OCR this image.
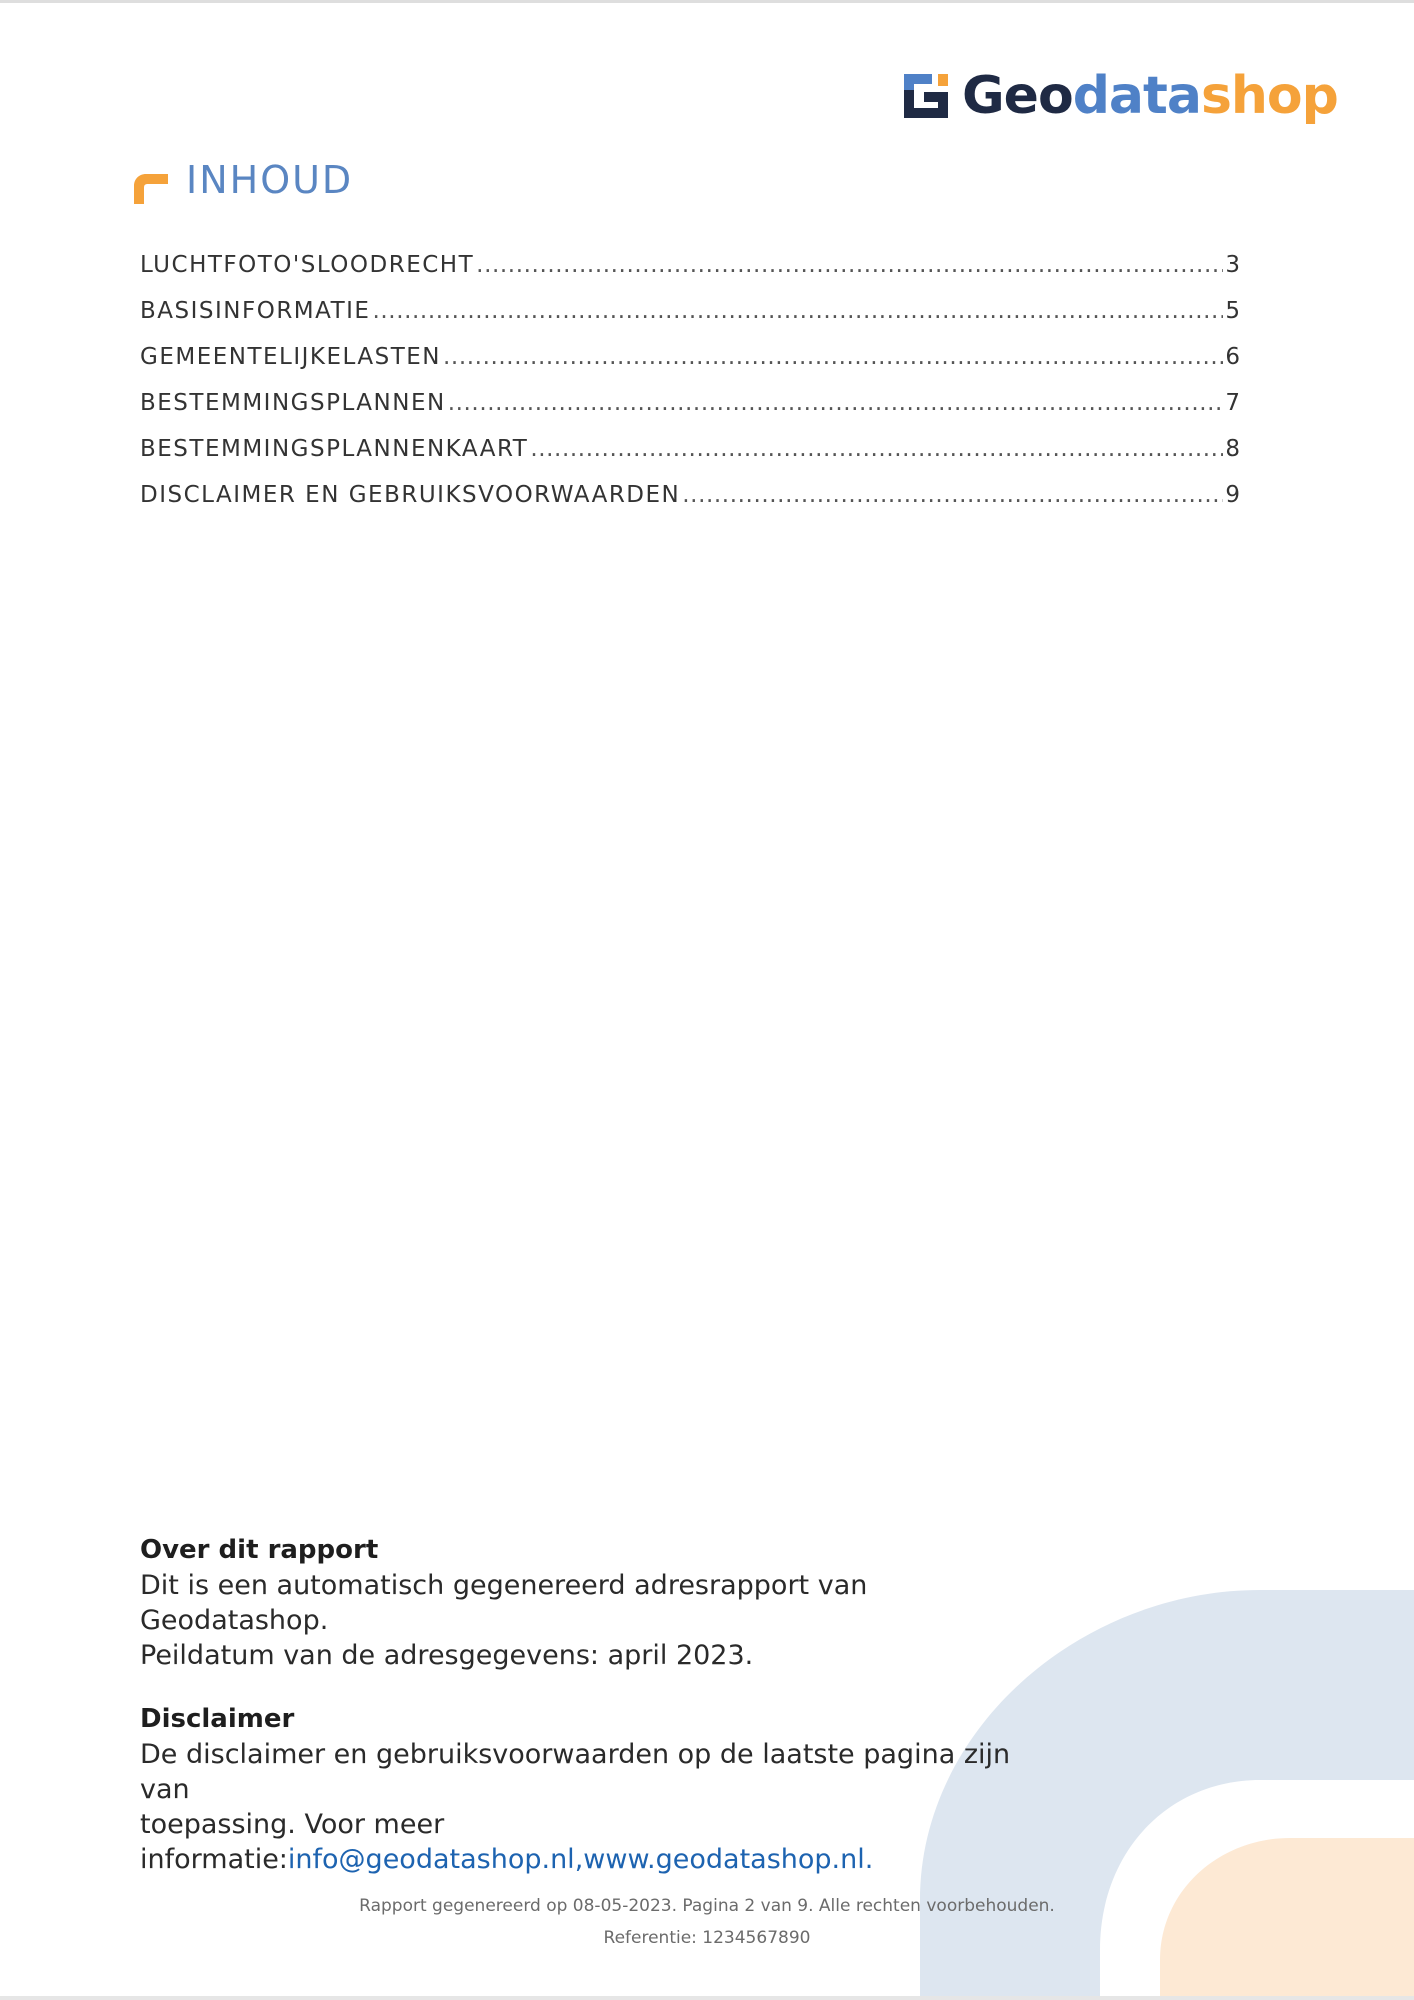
Geodatashop
INHOUD
LUCHTFOTO'SLOODRECHT .....	3
BASISINFORMATIE .....	5
GEMEENTELIJKELASTEN .....	6
BESTEMMINGSPLANNEN .....	7
BESTEMMINGSPLANNENKAART .....	8
DISCLAIMER EN GEBRUIKSVOORWAARDEN .....	9
Over dit rapport

Dit is een automatisch gegenereerd adresrapport van Geodatashop.

Peildatum van de adresgegevens: april 2023.

Disclaimer

De disclaimer en gebruiksvoorwaarden op de laatste pagina zijn van

toepassing. Voor meer informatie:info@geodatashop.nl,www.geodatashop.nl.

Rapport gegenereerd op 08-05-2023. Pagina 2 van 9. Alle rechten voorbehouden.
Referentie: 1234567890
